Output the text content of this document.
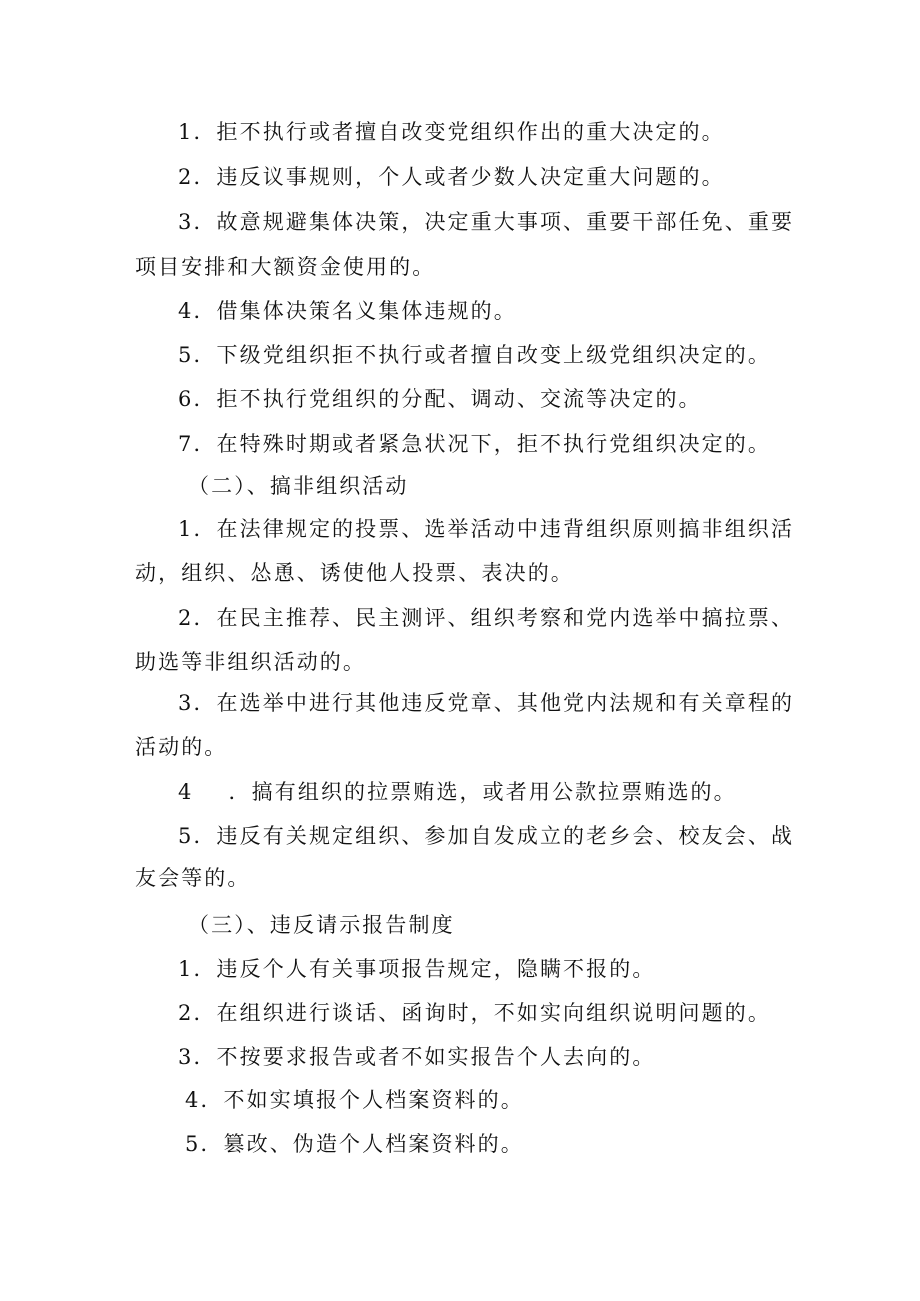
1．拒不执行或者擅自改变党组织作出的重大决定的。
2．违反议事规则，个人或者少数人决定重大问题的。
3．故意规避集体决策，决定重大事项、重要干部任免、重要
项目安排和大额资金使用的。
4．借集体决策名义集体违规的。
5．下级党组织拒不执行或者擅自改变上级党组织决定的。
6．拒不执行党组织的分配、调动、交流等决定的。
7．在特殊时期或者紧急状况下，拒不执行党组织决定的。
（二）、搞非组织活动
1．在法律规定的投票、选举活动中违背组织原则搞非组织活
动，组织、怂恿、诱使他人投票、表决的。
2．在民主推荐、民主测评、组织考察和党内选举中搞拉票、
助选等非组织活动的。
3．在选举中进行其他违反党章、其他党内法规和有关章程的
活动的。
4    ．搞有组织的拉票贿选，或者用公款拉票贿选的。
5．违反有关规定组织、参加自发成立的老乡会、校友会、战
友会等的。
（三）、违反请示报告制度
1．违反个人有关事项报告规定，隐瞒不报的。
2．在组织进行谈话、函询时，不如实向组织说明问题的。
3．不按要求报告或者不如实报告个人去向的。
4．不如实填报个人档案资料的。
5．篡改、伪造个人档案资料的。
